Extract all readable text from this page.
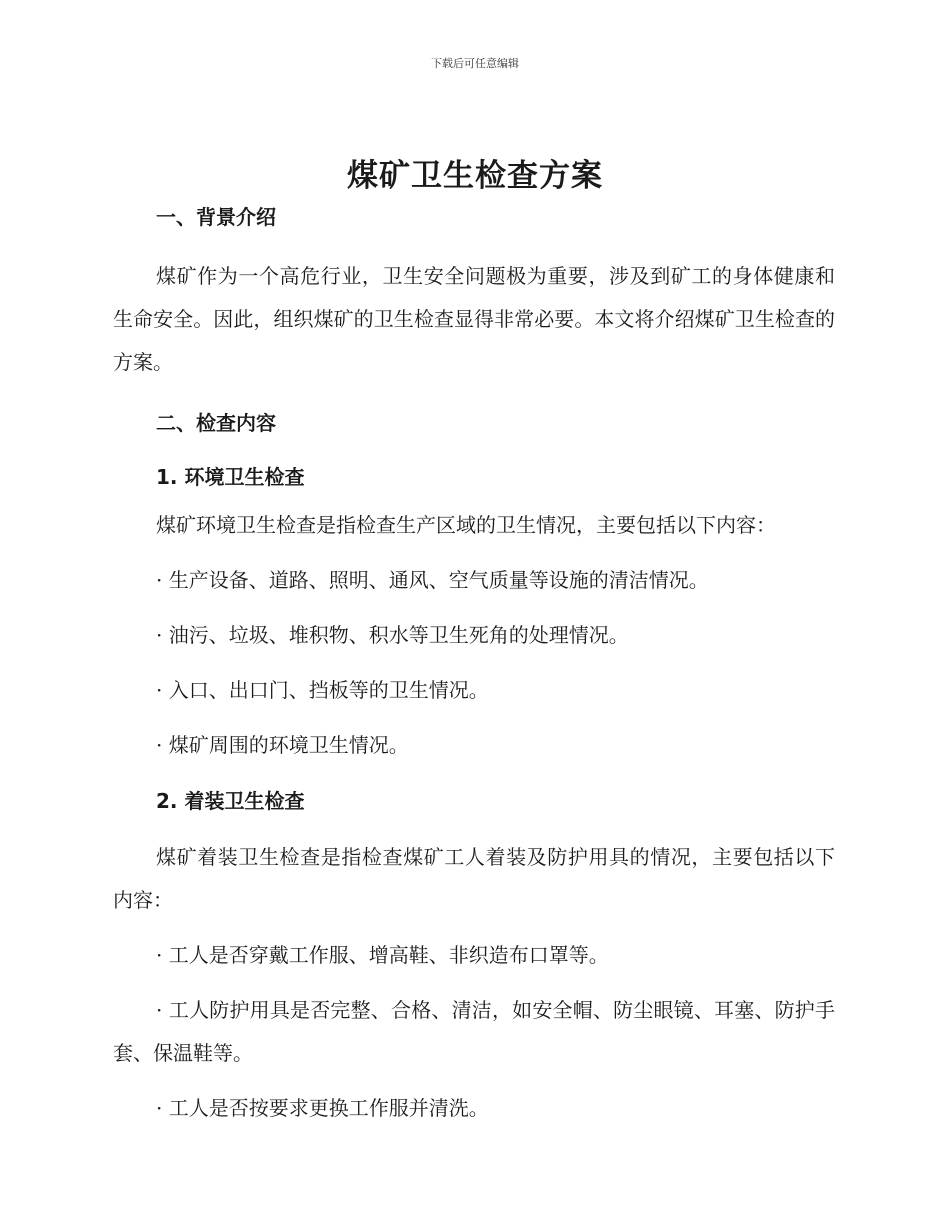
下载后可任意编辑
煤矿卫生检查方案

一、背景介绍

煤矿作为一个高危行业，卫生安全问题极为重要，涉及到矿工的身体健康和生命安全。因此，组织煤矿的卫生检查显得非常必要。本文将介绍煤矿卫生检查的方案。

二、检查内容

1. 环境卫生检查

煤矿环境卫生检查是指检查生产区域的卫生情况，主要包括以下内容：

· 生产设备、道路、照明、通风、空气质量等设施的清洁情况。

· 油污、垃圾、堆积物、积水等卫生死角的处理情况。

· 入口、出口门、挡板等的卫生情况。

· 煤矿周围的环境卫生情况。

2. 着装卫生检查

煤矿着装卫生检查是指检查煤矿工人着装及防护用具的情况，主要包括以下内容：

· 工人是否穿戴工作服、增高鞋、非织造布口罩等。

· 工人防护用具是否完整、合格、清洁，如安全帽、防尘眼镜、耳塞、防护手套、保温鞋等。

· 工人是否按要求更换工作服并清洗。
